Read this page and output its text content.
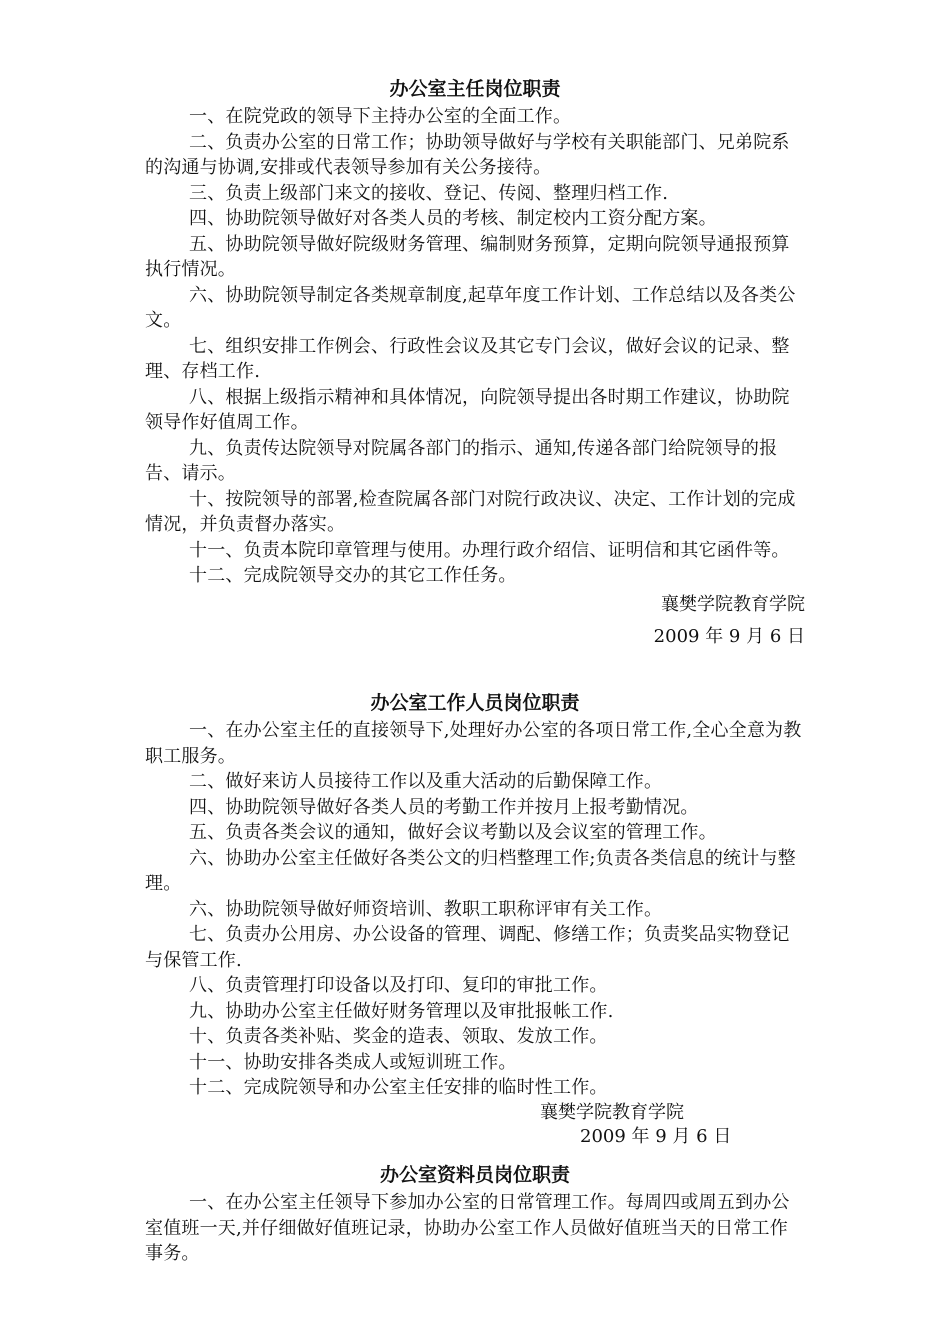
办公室主任岗位职责

一、在院党政的领导下主持办公室的全面工作。

二、负责办公室的日常工作；协助领导做好与学校有关职能部门、兄弟院系的沟通与协调,安排或代表领导参加有关公务接待。

三、负责上级部门来文的接收、登记、传阅、整理归档工作.

四、协助院领导做好对各类人员的考核、制定校内工资分配方案。

五、协助院领导做好院级财务管理、编制财务预算，定期向院领导通报预算执行情况。

六、协助院领导制定各类规章制度,起草年度工作计划、工作总结以及各类公文。

七、组织安排工作例会、行政性会议及其它专门会议，做好会议的记录、整理、存档工作.

八、根据上级指示精神和具体情况，向院领导提出各时期工作建议，协助院领导作好值周工作。

九、负责传达院领导对院属各部门的指示、通知,传递各部门给院领导的报告、请示。

十、按院领导的部署,检查院属各部门对院行政决议、决定、工作计划的完成情况，并负责督办落实。

十一、负责本院印章管理与使用。办理行政介绍信、证明信和其它函件等。

十二、完成院领导交办的其它工作任务。

襄樊学院教育学院
2009 年 9 月 6 日
办公室工作人员岗位职责

一、在办公室主任的直接领导下,处理好办公室的各项日常工作,全心全意为教职工服务。

二、做好来访人员接待工作以及重大活动的后勤保障工作。

四、协助院领导做好各类人员的考勤工作并按月上报考勤情况。

五、负责各类会议的通知，做好会议考勤以及会议室的管理工作。

六、协助办公室主任做好各类公文的归档整理工作;负责各类信息的统计与整理。

六、协助院领导做好师资培训、教职工职称评审有关工作。

七、负责办公用房、办公设备的管理、调配、修缮工作；负责奖品实物登记与保管工作.

八、负责管理打印设备以及打印、复印的审批工作。

九、协助办公室主任做好财务管理以及审批报帐工作.

十、负责各类补贴、奖金的造表、领取、发放工作。

十一、协助安排各类成人或短训班工作。

十二、完成院领导和办公室主任安排的临时性工作。

襄樊学院教育学院
2009 年 9 月 6 日
办公室资料员岗位职责

一、在办公室主任领导下参加办公室的日常管理工作。每周四或周五到办公室值班一天,并仔细做好值班记录，协助办公室工作人员做好值班当天的日常工作事务。
